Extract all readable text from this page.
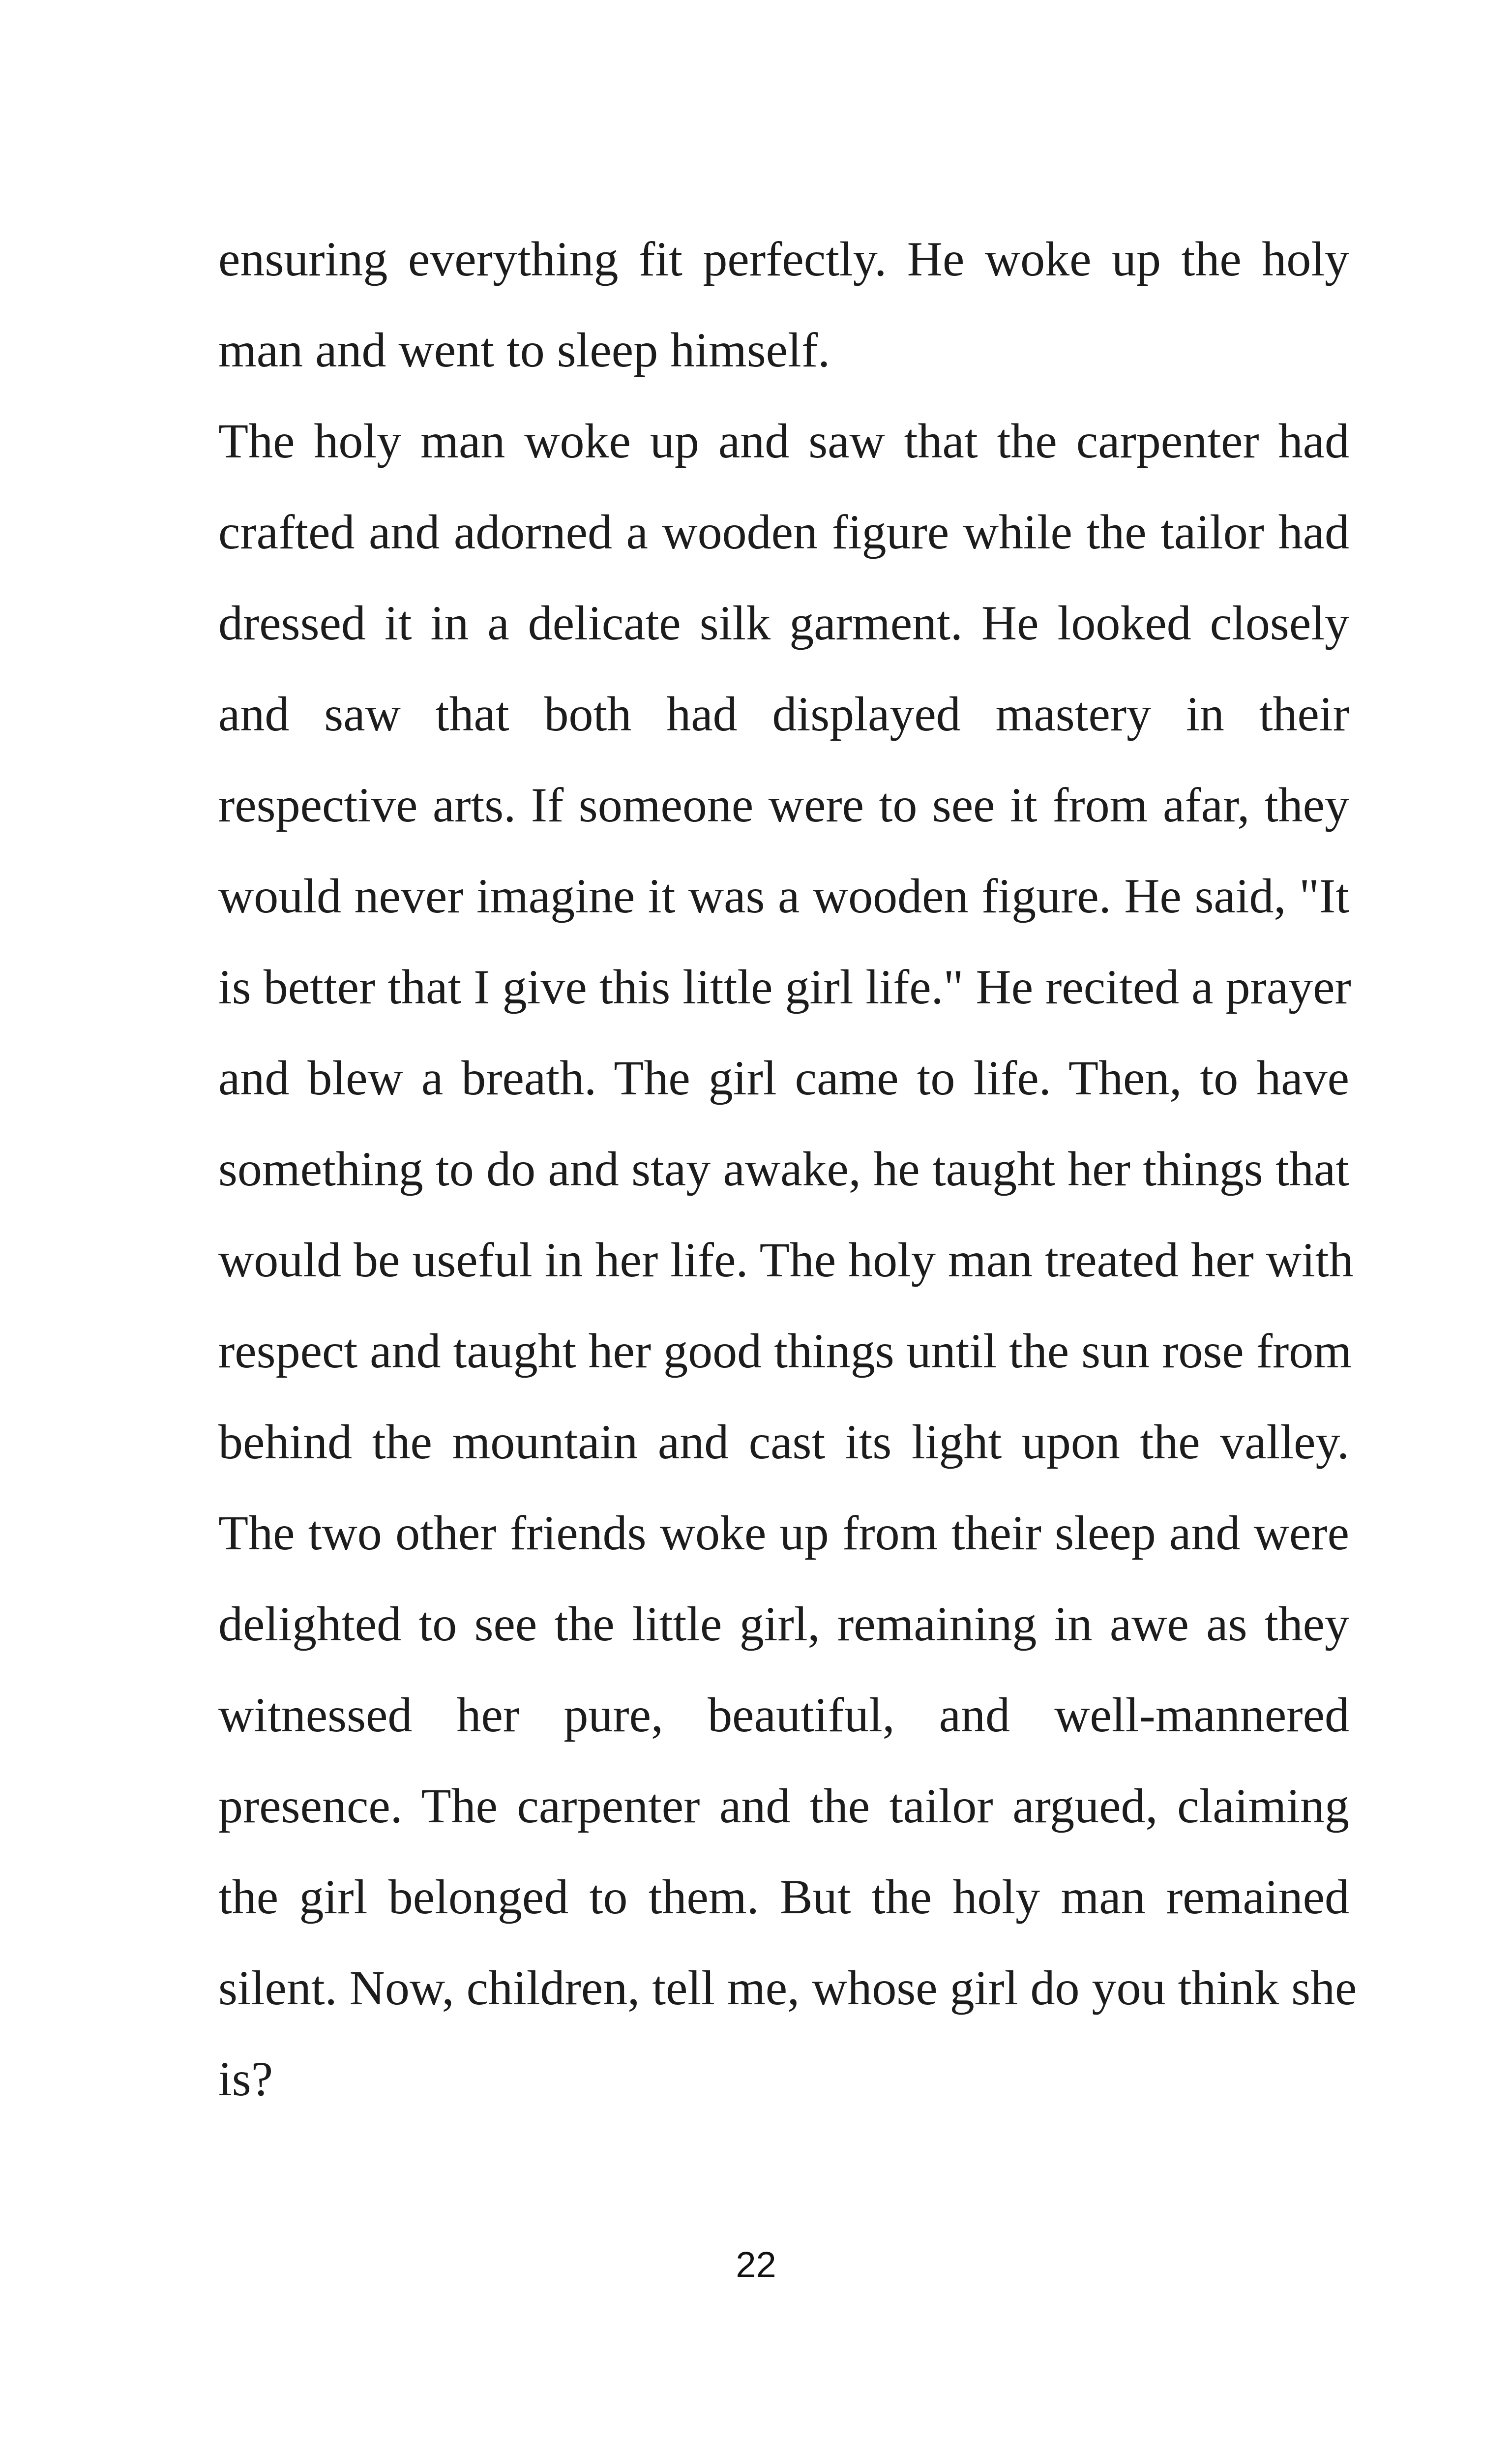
ensuring everything fit perfectly. He woke up the holy
man and went to sleep himself.

The holy man woke up and saw that the carpenter had
crafted and adorned a wooden figure while the tailor had
dressed it in a delicate silk garment. He looked closely
and saw that both had displayed mastery in their
respective arts. If someone were to see it from afar, they
would never imagine it was a wooden figure. He said, "It
is better that I give this little girl life." He recited a prayer
and blew a breath. The girl came to life. Then, to have
something to do and stay awake, he taught her things that
would be useful in her life. The holy man treated her with
respect and taught her good things until the sun rose from
behind the mountain and cast its light upon the valley.
The two other friends woke up from their sleep and were
delighted to see the little girl, remaining in awe as they
witnessed her pure, beautiful, and well-mannered
presence. The carpenter and the tailor argued, claiming
the girl belonged to them. But the holy man remained
silent. Now, children, tell me, whose girl do you think she
is?

22
